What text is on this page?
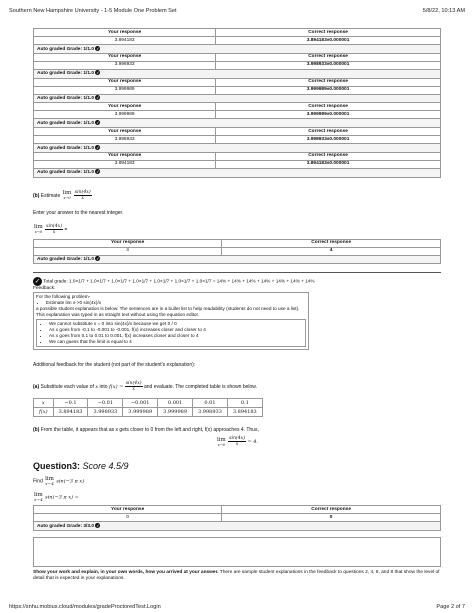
Southern New Hampshire University - 1-5 Module One Problem Set	5/8/22, 10:13 AM
Your response	Correct response
3.894183	3.894183±0.000001
Auto graded Grade: 1/1.0 ✓	
Your response	Correct response
3.998933	3.998933±0.000001
Auto graded Grade: 1/1.0 ✓	
Your response	Correct response
3.999989	3.999989±0.000001
Auto graded Grade: 1/1.0 ✓	
Your response	Correct response
3.999989	3.999989±0.000001
Auto graded Grade: 1/1.0 ✓	
Your response	Correct response
3.998933	3.998933±0.000001
Auto graded Grade: 1/1.0 ✓	
Your response	Correct response
3.894183	3.894183±0.000001
Auto graded Grade: 1/1.0 ✓	
(b) Estimate lim
x→0
$\frac{\sin(4x)}{x}$
Enter your answer to the nearest integer.
lim
x→0
$\frac{\sin(4x)}{x}$ =
Your response	Correct response
4	4
Auto graded Grade: 1/1.0 ✓	
✓ Total grade: 1.0×1/7 + 1.0×1/7 + 1.0×1/7 + 1.0×1/7 + 1.0×1/7 + 1.0×1/7 + 1.0×1/7 = 14% + 14% + 14% + 14% + 14% + 14% + 14%
Feedback:
For the following problem-
• Estimate lim x->0 sin(4x)/x
a possible student explanation is below. The sentences are in a bullet list to help readability (students do not need to use a list). This explanation was typed in as straight text without using the equation editor.
• We cannot substitute x = 0 into sin(4x)/x because we get 0 / 0
• As x goes from -0.1 to -0.001 to -0.001, f(x) increases closer and closer to 4
• As x goes from 0.1 to 0.01 to 0.001, f(x) increases closer and closer to 4
• We can guess that the limit is equal to 4
Additional feedback for the student (not part of the student's explanation):
(a) Substitute each value of x into $f(x) = \frac{\sin(4x)}{x}$ and evaluate. The completed table is shown below.
x	−0.1	−0.01	−0.001	0.001	0.01	0.1
f(x)	3.894183	3.998933	3.999989	3.999989	3.998933	3.894183
(b) From the table, it appears that as x gets closer to 0 from the left and right, f(x) approaches 4. Thus,
lim
x→0
$\frac{\sin(4x)}{x} = 4$.
Question3: Score 4.5/9
Find lim
x→-4 sin(−3 π x)
lim
x→-4 sin(−3 π x) =
Your response	Correct response
0	0
Auto graded Grade: 3/3.0 ✓	
Show your work and explain, in your own words, how you arrived at your answer. There are sample student explanations in the feedback to questions 2, 4, 6, and 8 that show the level of detail that is expected in your explanations.
https://snhu.mobius.cloud/modules/gradeProctoredTest.Login	Page 2 of 7
